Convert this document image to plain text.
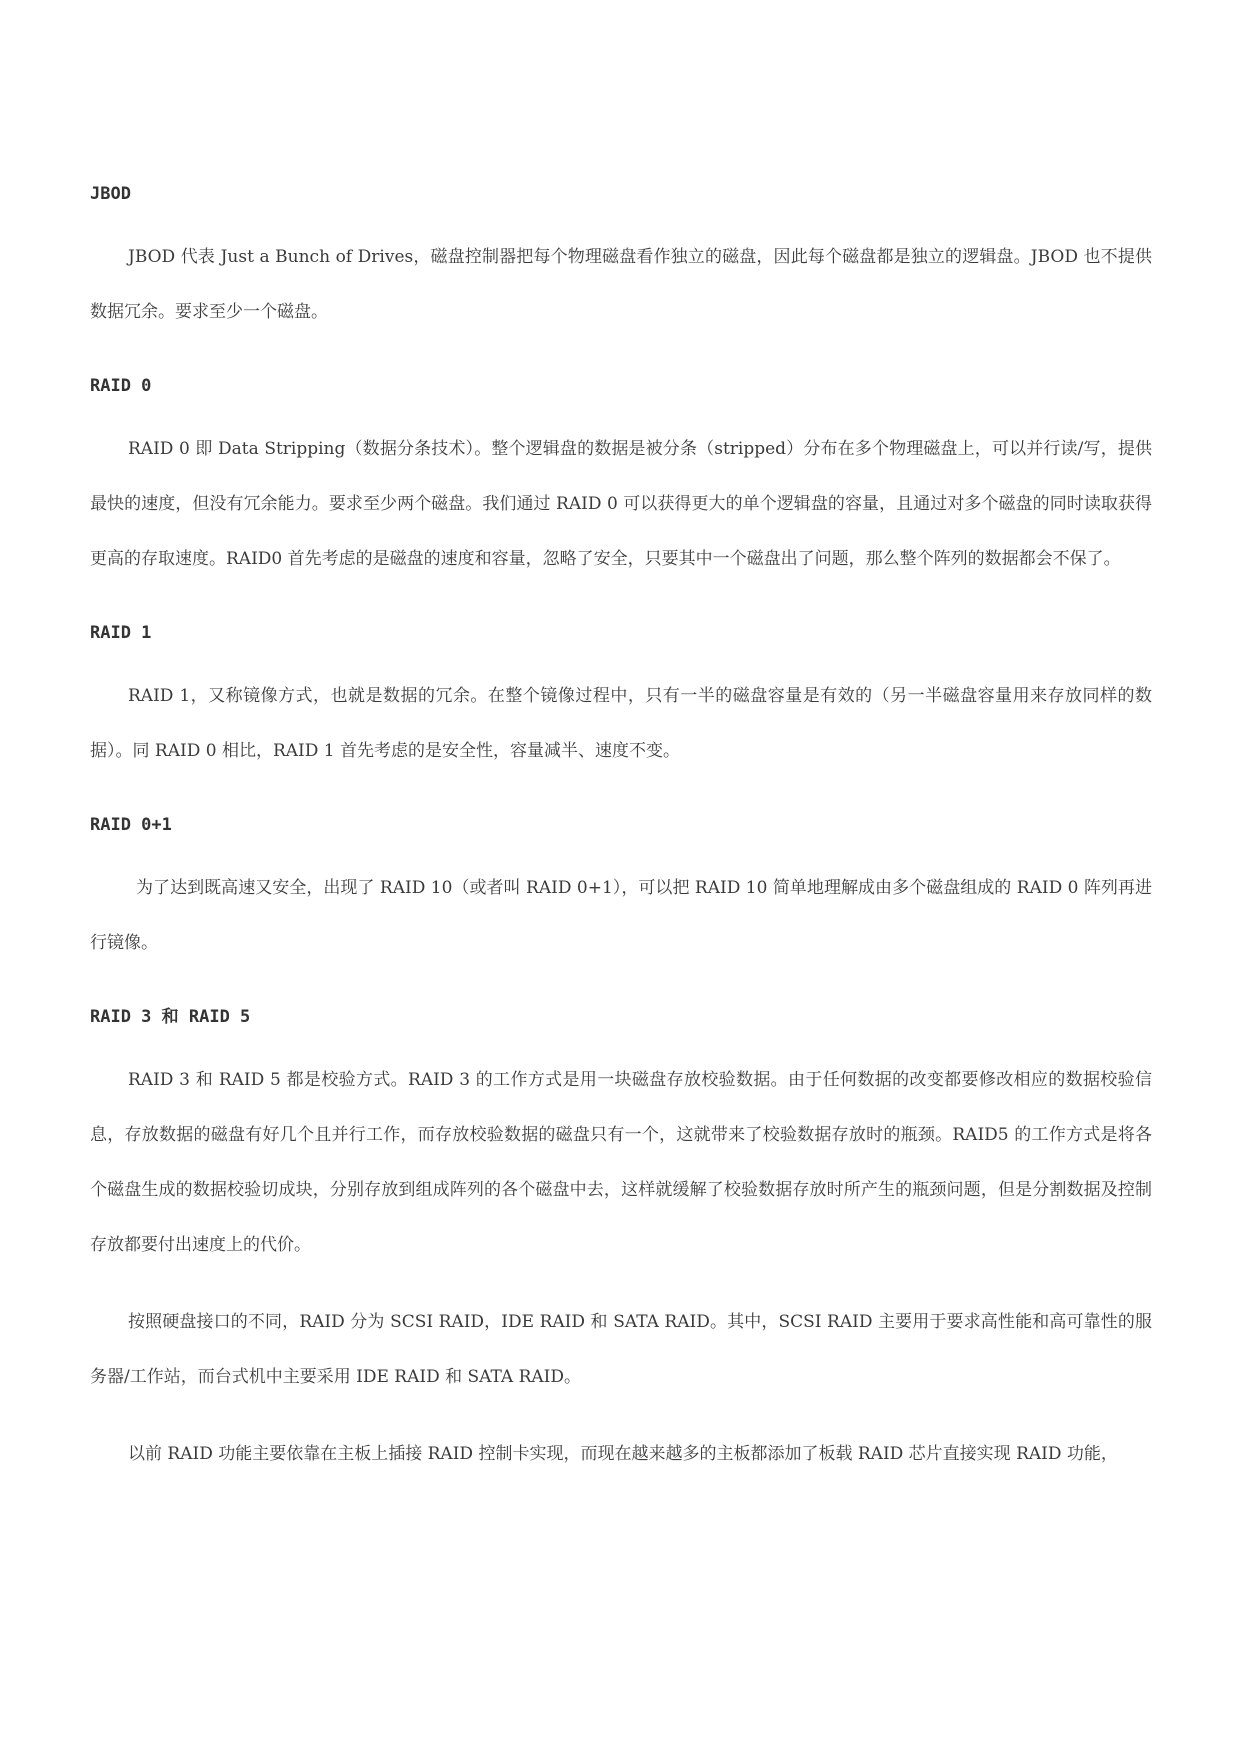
JBOD

JBOD 代表 Just a Bunch of Drives，磁盘控制器把每个物理磁盘看作独立的磁盘，因此每个磁盘都是独立的逻辑盘。JBOD 也不提供数据冗余。要求至少一个磁盘。

RAID 0

RAID 0 即 Data Stripping（数据分条技术）。整个逻辑盘的数据是被分条（stripped）分布在多个物理磁盘上，可以并行读/写，提供最快的速度，但没有冗余能力。要求至少两个磁盘。我们通过 RAID 0 可以获得更大的单个逻辑盘的容量，且通过对多个磁盘的同时读取获得更高的存取速度。RAID0 首先考虑的是磁盘的速度和容量，忽略了安全，只要其中一个磁盘出了问题，那么整个阵列的数据都会不保了。

RAID 1

RAID 1，又称镜像方式，也就是数据的冗余。在整个镜像过程中，只有一半的磁盘容量是有效的（另一半磁盘容量用来存放同样的数据）。同 RAID 0 相比，RAID 1 首先考虑的是安全性，容量减半、速度不变。

RAID 0+1

为了达到既高速又安全，出现了 RAID 10（或者叫 RAID 0+1），可以把 RAID 10 简单地理解成由多个磁盘组成的 RAID 0 阵列再进行镜像。

RAID 3 和 RAID 5

RAID 3 和 RAID 5 都是校验方式。RAID 3 的工作方式是用一块磁盘存放校验数据。由于任何数据的改变都要修改相应的数据校验信息，存放数据的磁盘有好几个且并行工作，而存放校验数据的磁盘只有一个，这就带来了校验数据存放时的瓶颈。RAID5 的工作方式是将各个磁盘生成的数据校验切成块，分别存放到组成阵列的各个磁盘中去，这样就缓解了校验数据存放时所产生的瓶颈问题，但是分割数据及控制存放都要付出速度上的代价。

按照硬盘接口的不同，RAID 分为 SCSI RAID，IDE RAID 和 SATA RAID。其中，SCSI RAID 主要用于要求高性能和高可靠性的服务器/工作站，而台式机中主要采用 IDE RAID 和 SATA RAID。

以前 RAID 功能主要依靠在主板上插接 RAID 控制卡实现，而现在越来越多的主板都添加了板载 RAID 芯片直接实现 RAID 功能，
